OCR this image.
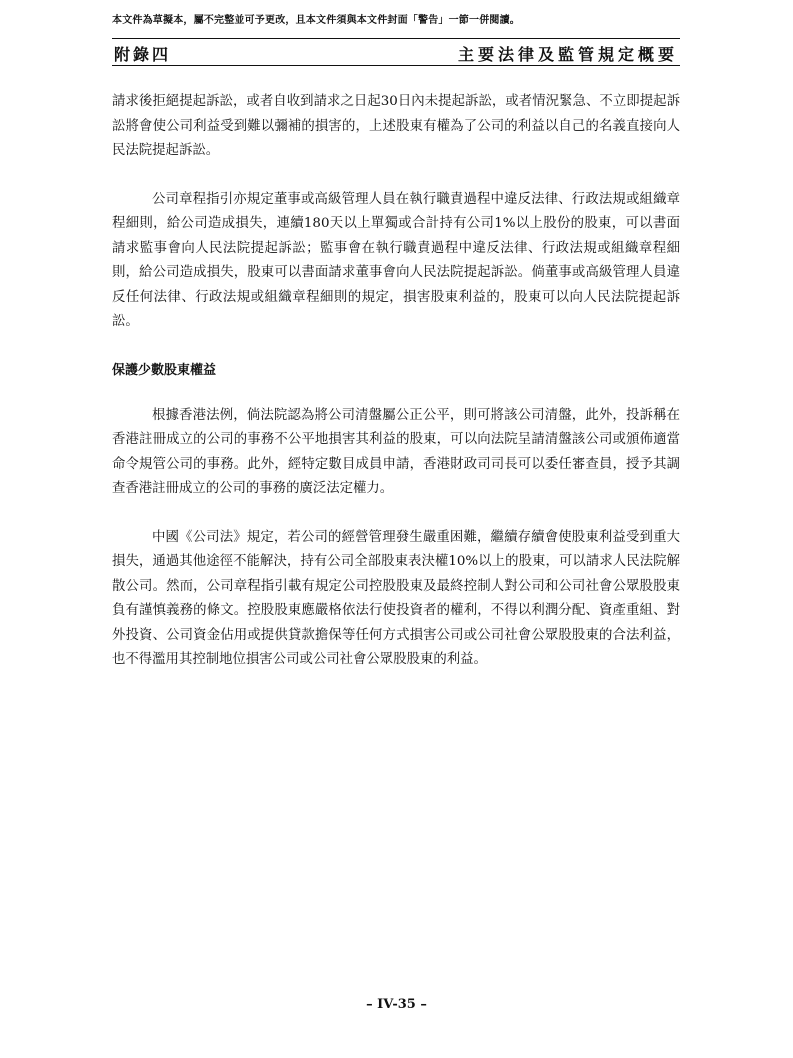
本文件為草擬本，屬不完整並可予更改，且本文件須與本文件封面「警告」一節一併閱讀。
附錄四	主要法律及監管規定概要

請求後拒絕提起訴訟，或者自收到請求之日起30日內未提起訴訟，或者情況緊急、不立即提起訴訟將會使公司利益受到難以彌補的損害的，上述股東有權為了公司的利益以自己的名義直接向人民法院提起訴訟。

公司章程指引亦規定董事或高級管理人員在執行職責過程中違反法律、行政法規或組織章程細則，給公司造成損失，連續180天以上單獨或合計持有公司1%以上股份的股東，可以書面請求監事會向人民法院提起訴訟；監事會在執行職責過程中違反法律、行政法規或組織章程細則，給公司造成損失，股東可以書面請求董事會向人民法院提起訴訟。倘董事或高級管理人員違反任何法律、行政法規或組織章程細則的規定，損害股東利益的，股東可以向人民法院提起訴訟。

保護少數股東權益

根據香港法例，倘法院認為將公司清盤屬公正公平，則可將該公司清盤，此外，投訴稱在香港註冊成立的公司的事務不公平地損害其利益的股東，可以向法院呈請清盤該公司或頒佈適當命令規管公司的事務。此外，經特定數目成員申請，香港財政司司長可以委任審查員，授予其調查香港註冊成立的公司的事務的廣泛法定權力。

中國《公司法》規定，若公司的經營管理發生嚴重困難，繼續存續會使股東利益受到重大損失，通過其他途徑不能解決，持有公司全部股東表決權10%以上的股東，可以請求人民法院解散公司。然而，公司章程指引載有規定公司控股股東及最終控制人對公司和公司社會公眾股股東負有謹慎義務的條文。控股股東應嚴格依法行使投資者的權利，不得以利潤分配、資產重組、對外投資、公司資金佔用或提供貸款擔保等任何方式損害公司或公司社會公眾股股東的合法利益，也不得濫用其控制地位損害公司或公司社會公眾股股東的利益。

– IV-35 –
